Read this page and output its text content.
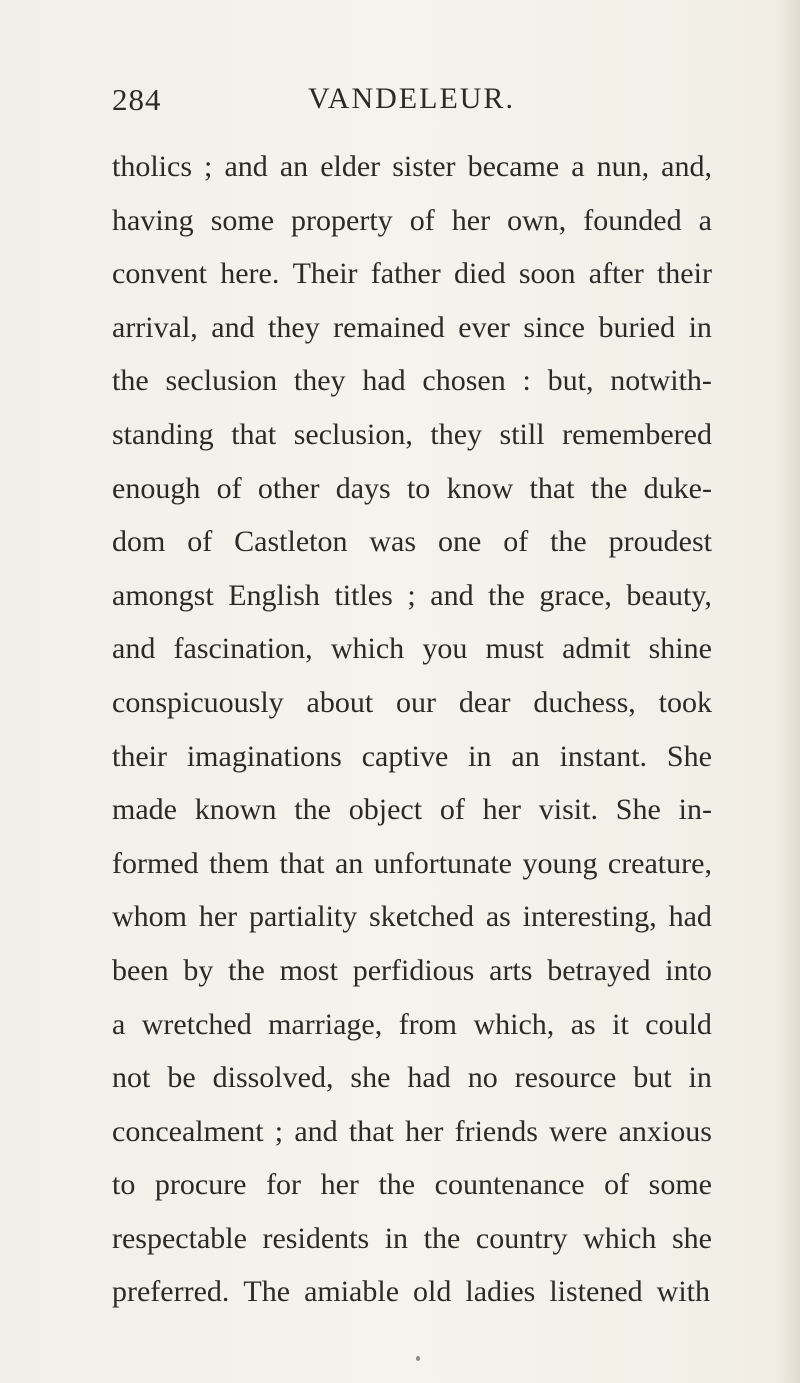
284	VANDELEUR.
tholics ; and an elder sister became a nun, and,
having some property of her own, founded a
convent here. Their father died soon after their
arrival, and they remained ever since buried in
the seclusion they had chosen : but, notwith-
standing that seclusion, they still remembered
enough of other days to know that the duke-
dom of Castleton was one of the proudest
amongst English titles ; and the grace, beauty,
and fascination, which you must admit shine
conspicuously about our dear duchess, took
their imaginations captive in an instant. She
made known the object of her visit. She in-
formed them that an unfortunate young creature,
whom her partiality sketched as interesting, had
been by the most perfidious arts betrayed into
a wretched marriage, from which, as it could
not be dissolved, she had no resource but in
concealment ; and that her friends were anxious
to procure for her the countenance of some
respectable residents in the country which she
preferred. The amiable old ladies listened with
